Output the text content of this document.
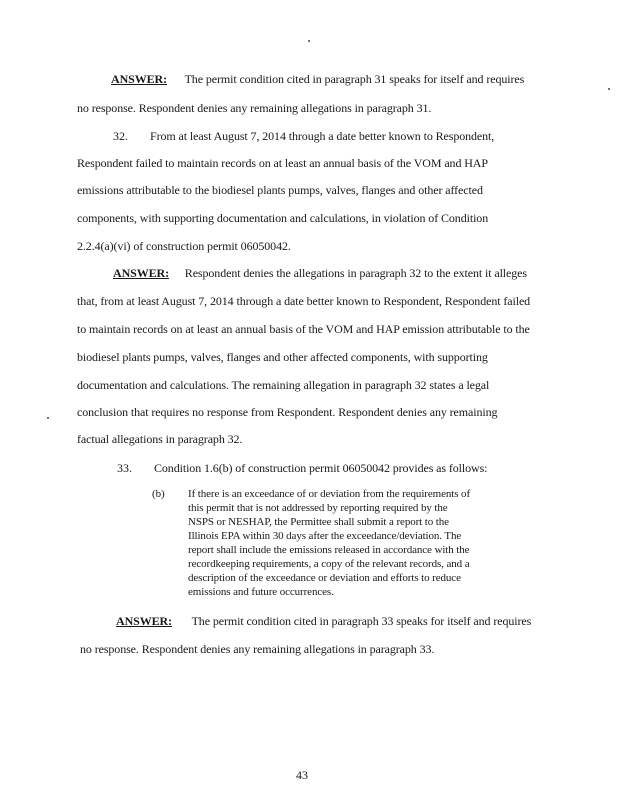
ANSWER: The permit condition cited in paragraph 31 speaks for itself and requires
no response. Respondent denies any remaining allegations in paragraph 31.
32. From at least August 7, 2014 through a date better known to Respondent,
Respondent failed to maintain records on at least an annual basis of the VOM and HAP
emissions attributable to the biodiesel plants pumps, valves, flanges and other affected
components, with supporting documentation and calculations, in violation of Condition
2.2.4(a)(vi) of construction permit 06050042.
ANSWER: Respondent denies the allegations in paragraph 32 to the extent it alleges
that, from at least August 7, 2014 through a date better known to Respondent, Respondent failed
to maintain records on at least an annual basis of the VOM and HAP emission attributable to the
biodiesel plants pumps, valves, flanges and other affected components, with supporting
documentation and calculations. The remaining allegation in paragraph 32 states a legal
conclusion that requires no response from Respondent. Respondent denies any remaining
factual allegations in paragraph 32.
33. Condition 1.6(b) of construction permit 06050042 provides as follows:
(b) If there is an exceedance of or deviation from the requirements of
this permit that is not addressed by reporting required by the
NSPS or NESHAP, the Permittee shall submit a report to the
Illinois EPA within 30 days after the exceedance/deviation. The
report shall include the emissions released in accordance with the
recordkeeping requirements, a copy of the relevant records, and a
description of the exceedance or deviation and efforts to reduce
emissions and future occurrences.
ANSWER: The permit condition cited in paragraph 33 speaks for itself and requires
no response. Respondent denies any remaining allegations in paragraph 33.
43
